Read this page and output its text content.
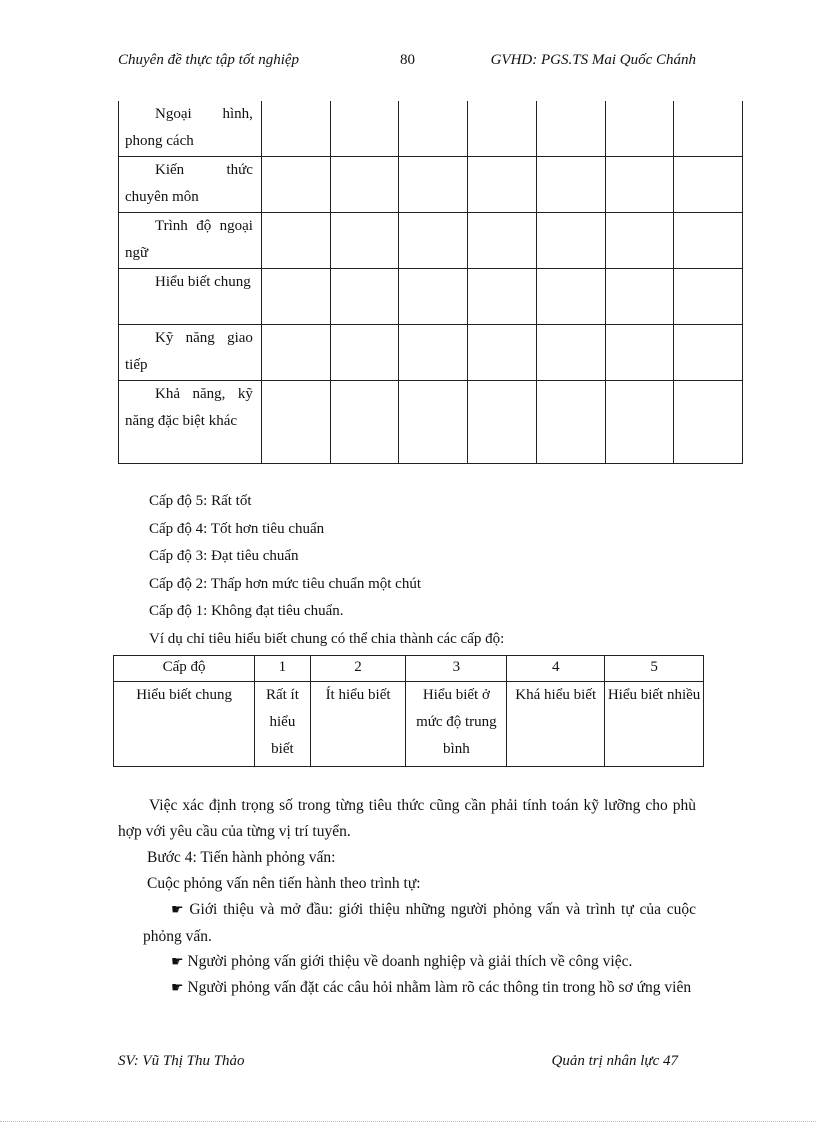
Chuyên đề thực tập tốt nghiệp	80	GVHD: PGS.TS Mai Quốc Chánh
Ngoại hình, phong cách							
Kiến thức chuyên môn							
Trình độ ngoại ngữ							
Hiểu biết chung							
Kỹ năng giao tiếp							
Khả năng, kỹ năng đặc biệt khác							
Cấp độ 5: Rất tốt
Cấp độ 4: Tốt hơn tiêu chuẩn
Cấp độ 3: Đạt tiêu chuẩn
Cấp độ 2: Thấp hơn mức tiêu chuẩn một chút
Cấp độ 1: Không đạt tiêu chuẩn.
Ví dụ chỉ tiêu hiểu biết chung có thể chia thành các cấp độ:
Cấp độ	1	2	3	4	5
Hiểu biết chung	Rất ít hiểu biết	Ít hiểu biết	Hiểu biết ở mức độ trung bình	Khá hiểu biết	Hiểu biết nhiều
Việc xác định trọng số trong từng tiêu thức cũng cần phải tính toán kỹ lưỡng cho phù hợp với yêu cầu của từng vị trí tuyển.
Bước 4: Tiến hành phỏng vấn:
Cuộc phỏng vấn nên tiến hành theo trình tự:
☛ Giới thiệu và mở đầu: giới thiệu những người phỏng vấn và trình tự của cuộc phỏng vấn.
☛ Người phỏng vấn giới thiệu về doanh nghiệp và giải thích về công việc.
☛ Người phỏng vấn đặt các câu hỏi nhằm làm rõ các thông tin trong hồ sơ ứng viên
SV: Vũ Thị Thu Thảo	Quản trị nhân lực 47
